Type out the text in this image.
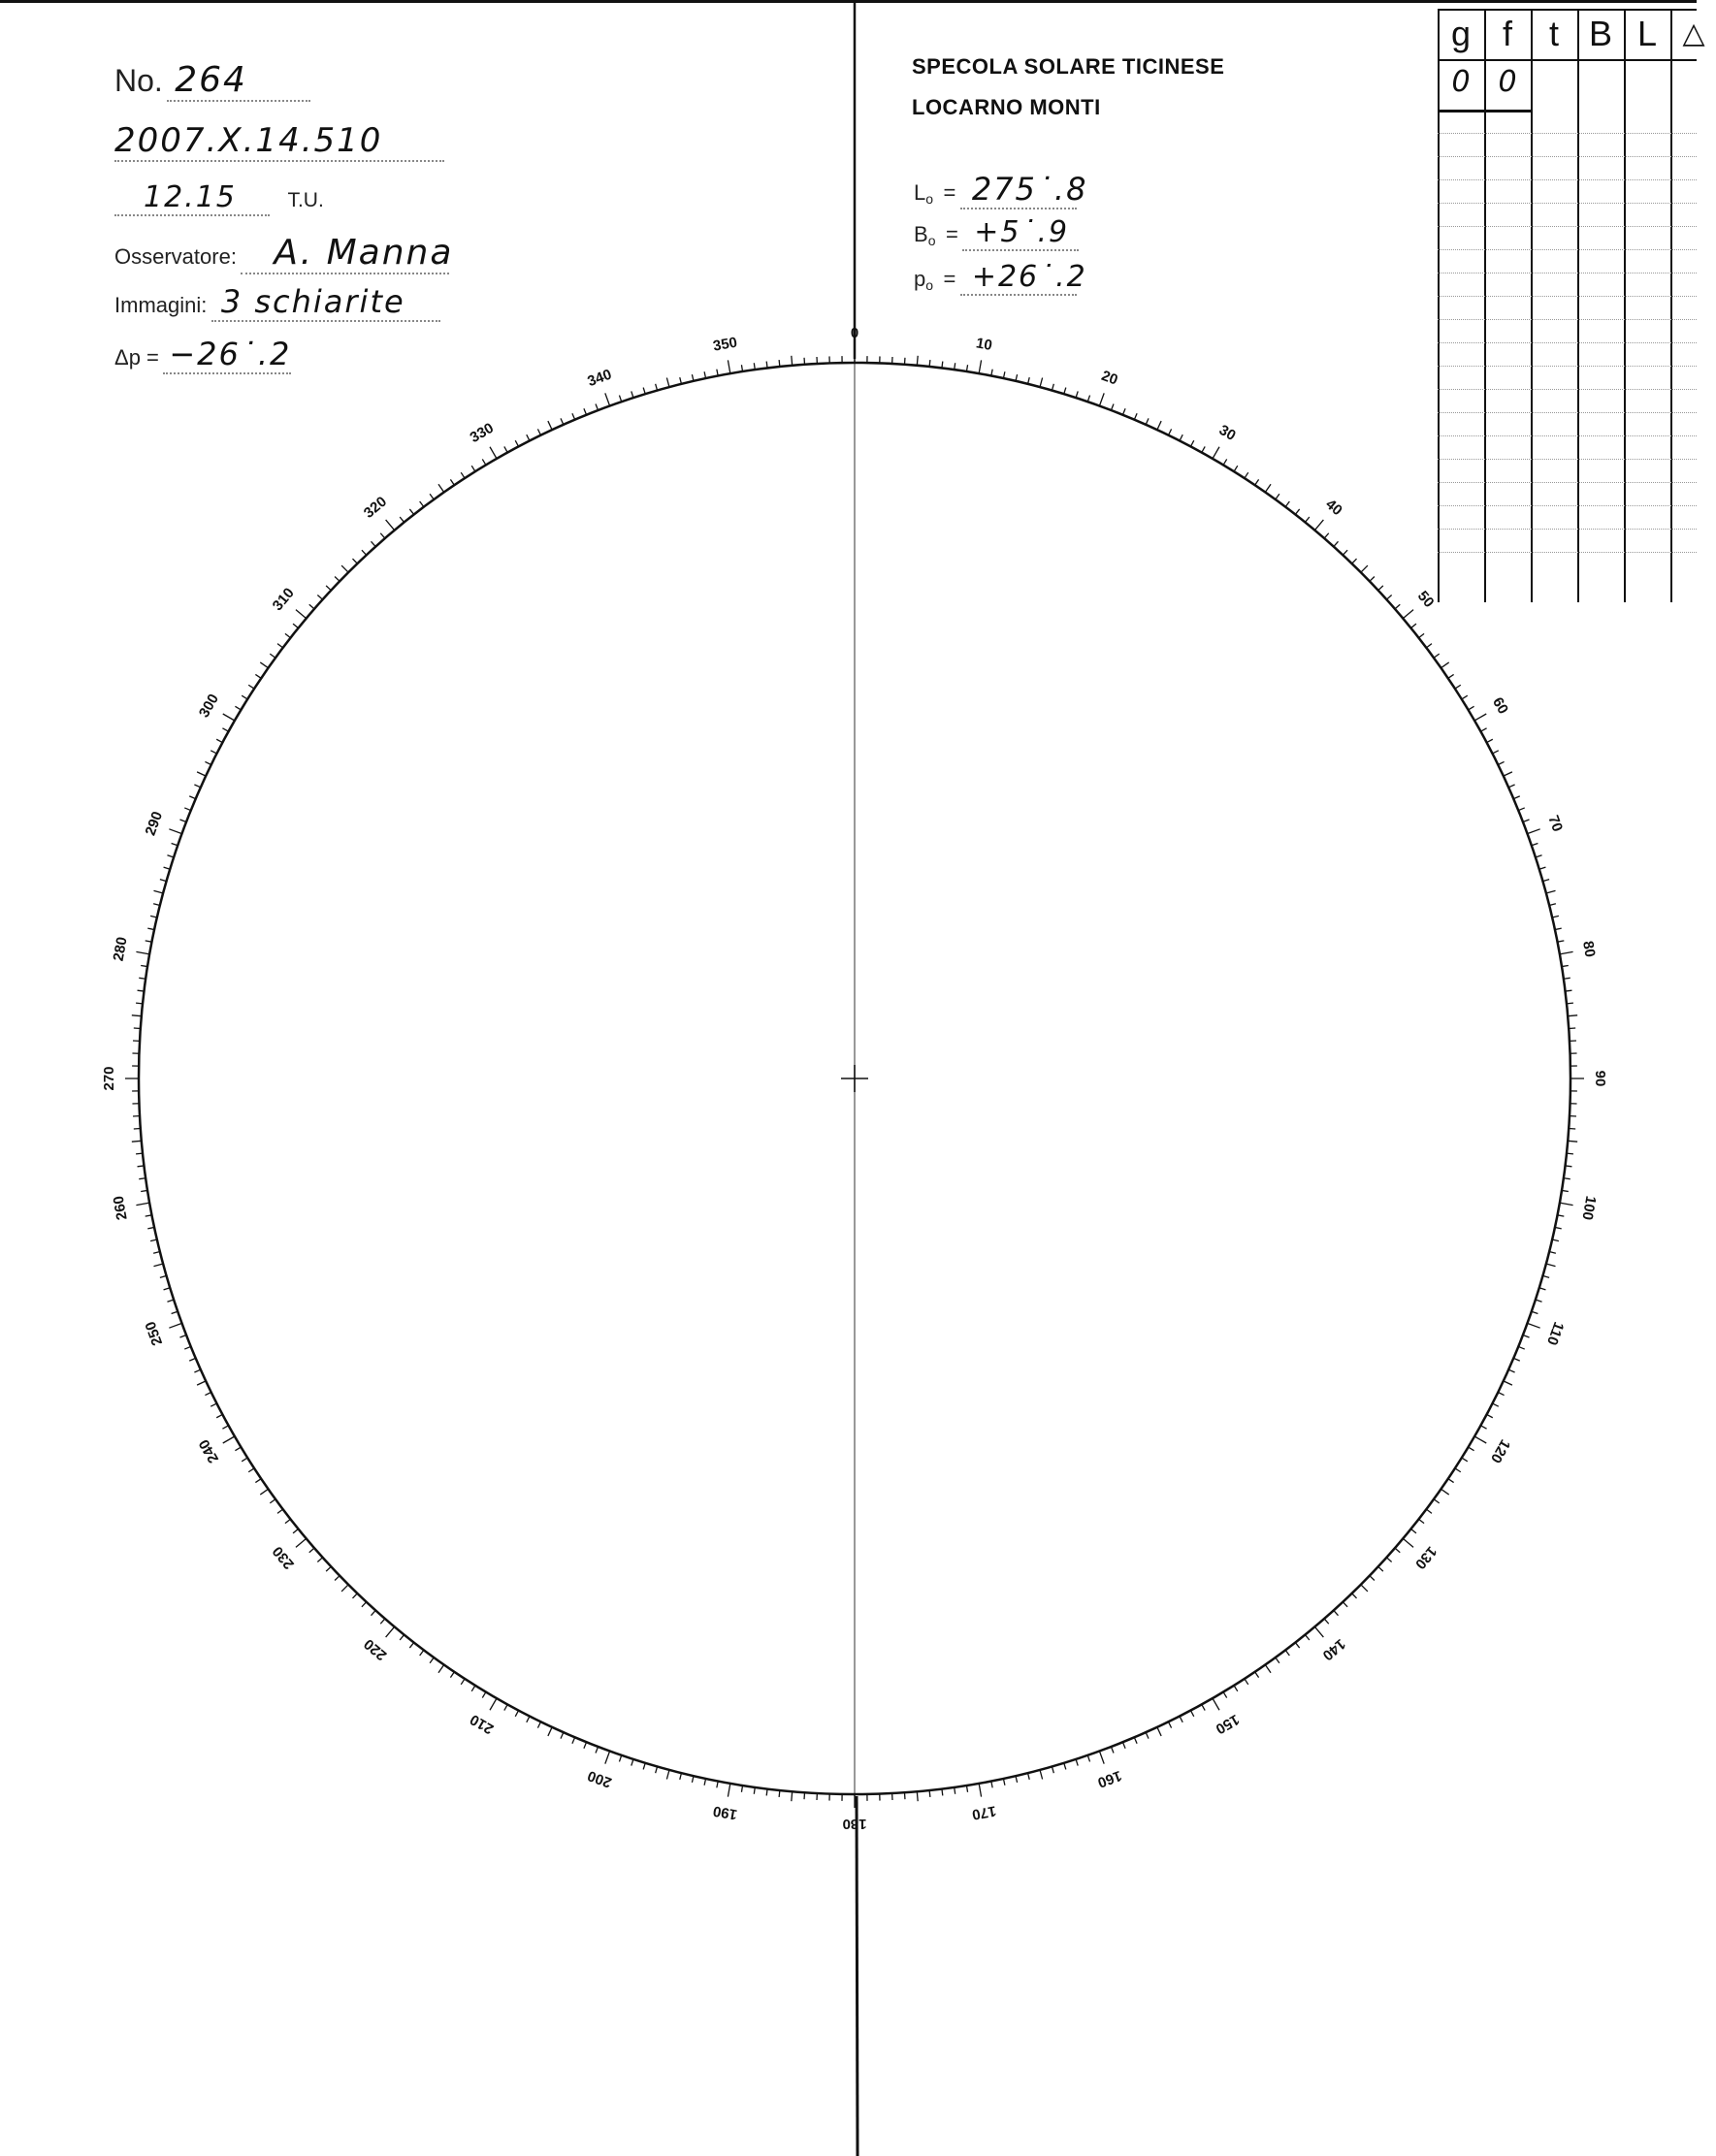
0
10
20
30
40
50
60
70
80
90
100
110
120
130
140
150
160
170
180
190
200
210
220
230
240
250
260
270
280
290
300
310
320
330
340
350
No. 264
2007.Ⅹ.14.510
12.15	T.U.
Osservatore: A. Manna
Immagini: 3 schiarite
Δp = −26˙.2
SPECOLA SOLARE TICINESE
LOCARNO MONTI
$L_o$ = 275˙.8
$B_o$ = +5˙.9
$p_o$ = +26˙.2
g f	t B L △
0 0
